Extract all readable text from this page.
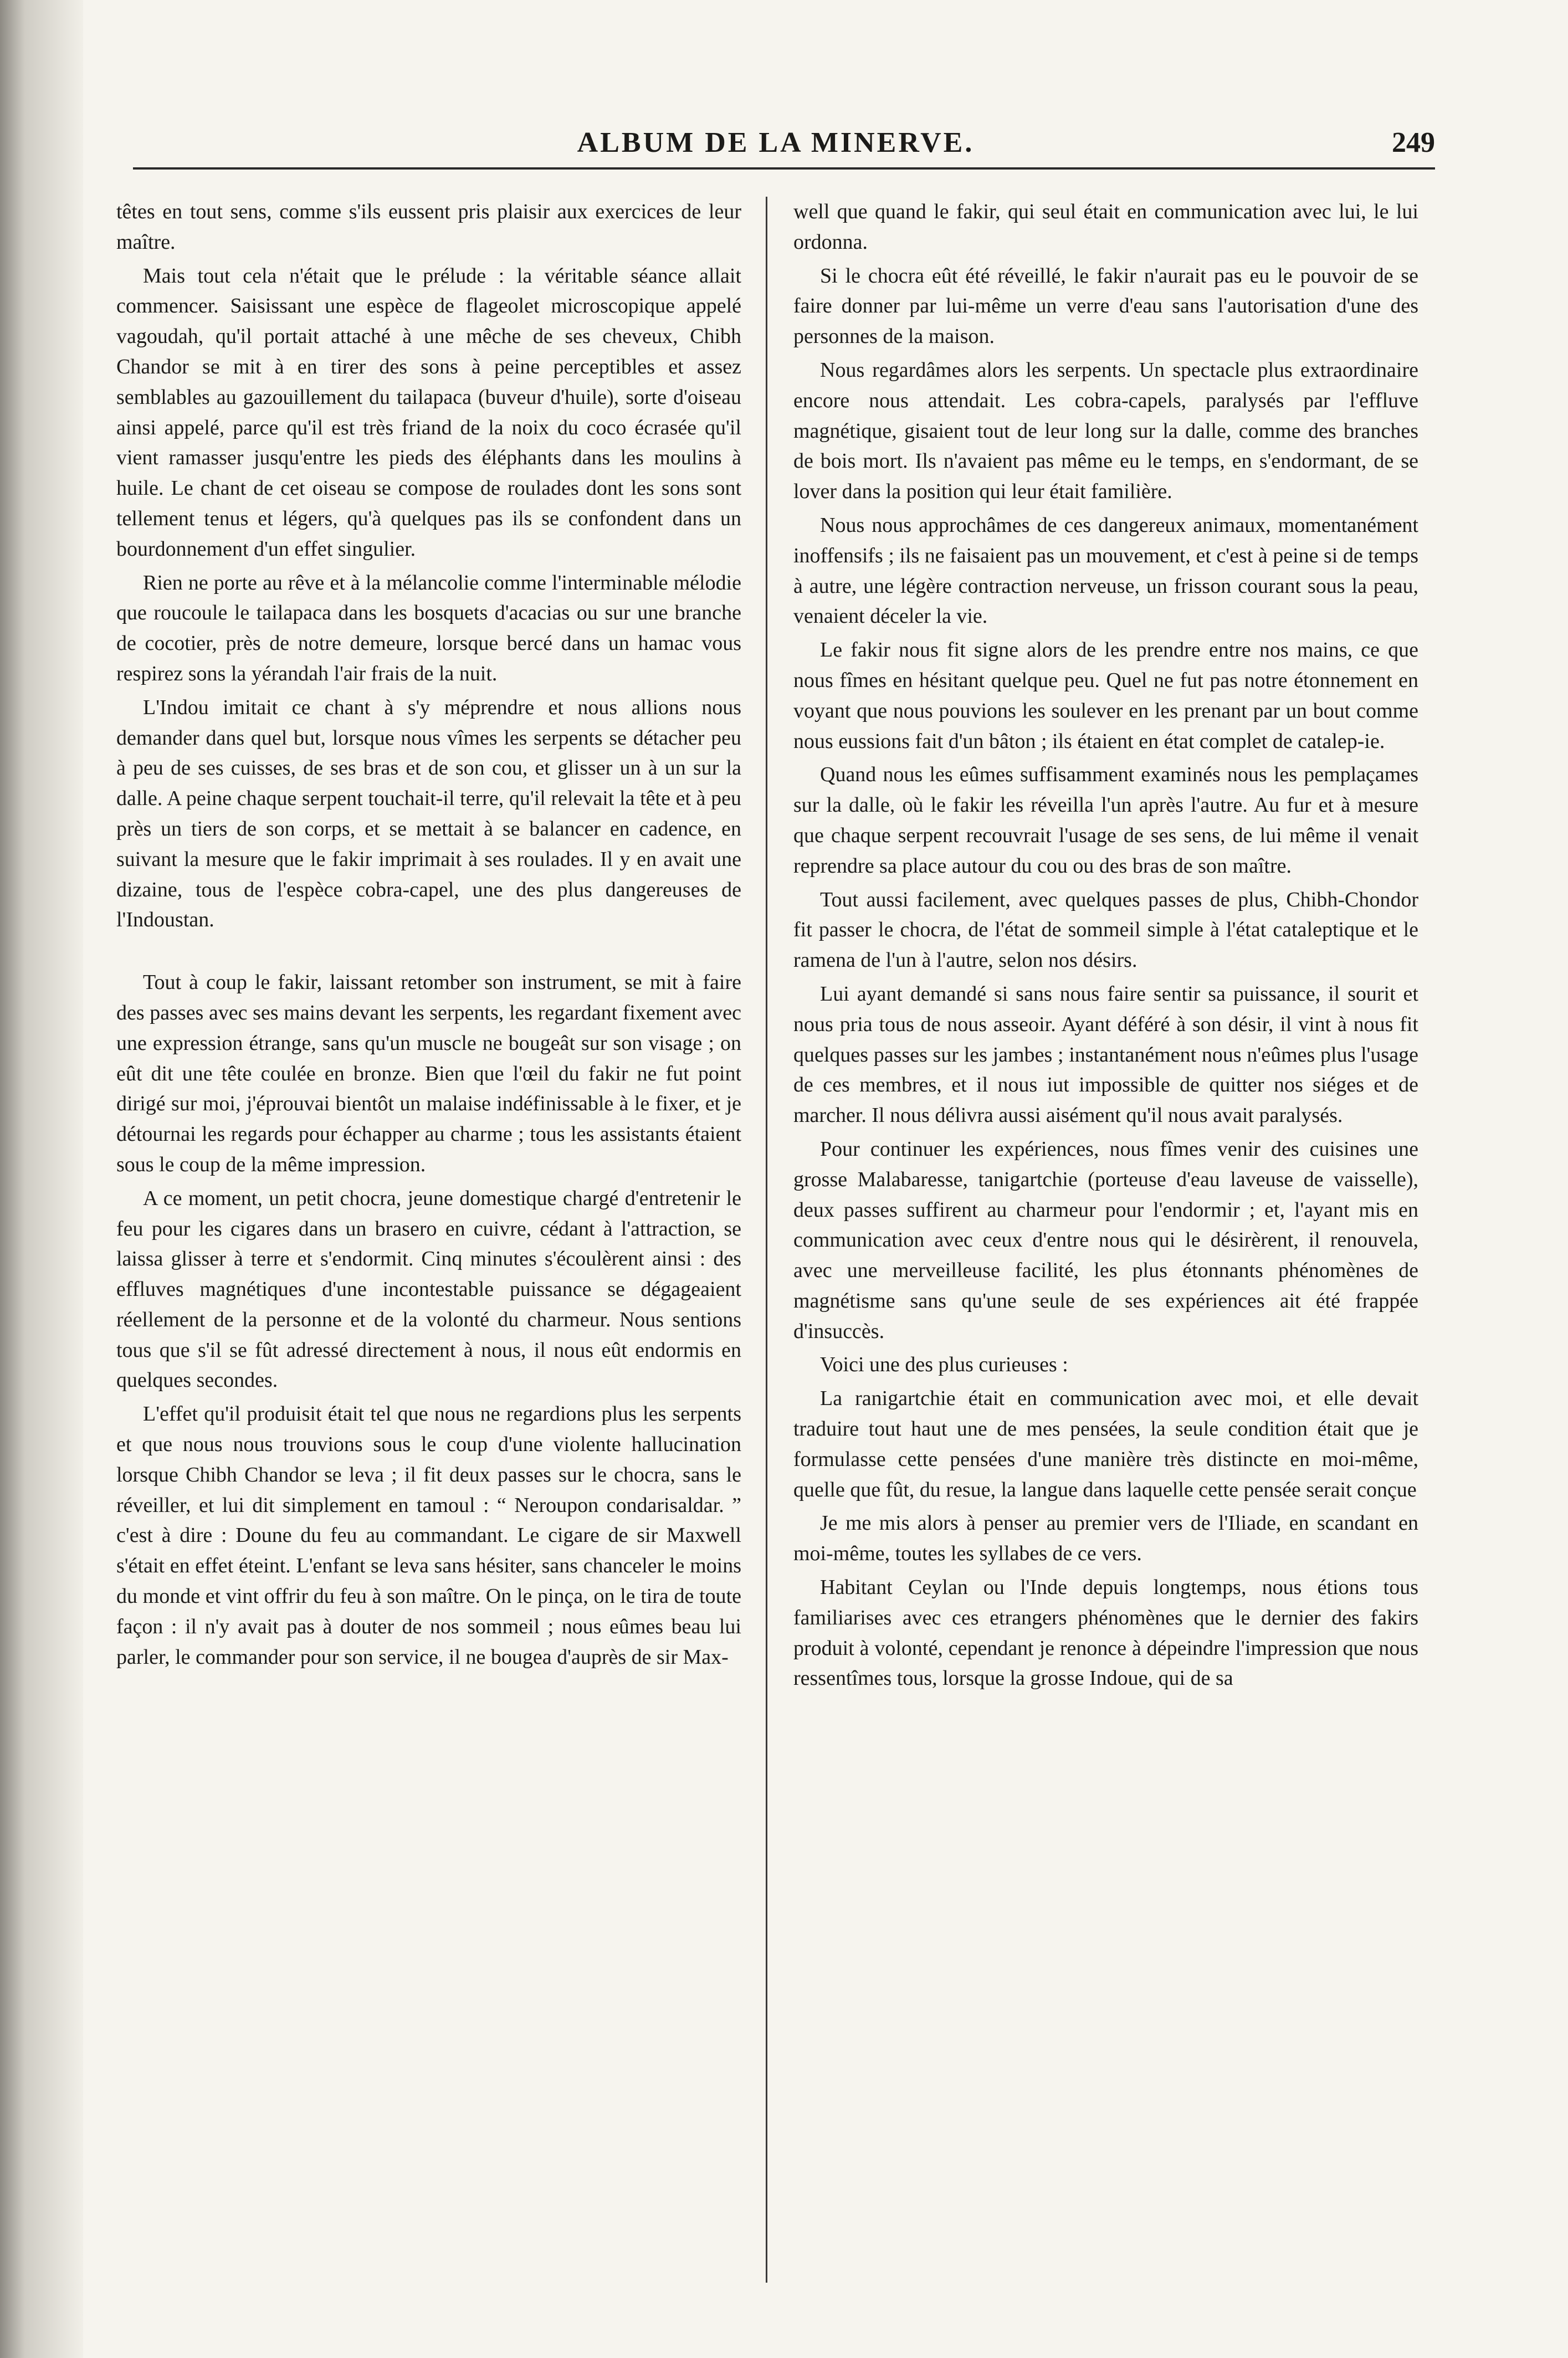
ALBUM DE LA MINERVE.	249

têtes en tout sens, comme s'ils eussent pris plaisir aux exercices de leur maître.

Mais tout cela n'était que le prélude : la véritable séance allait commencer. Saisissant une espèce de flageolet microscopique appelé vagoudah, qu'il portait attaché à une mêche de ses cheveux, Chibh Chandor se mit à en tirer des sons à peine perceptibles et assez semblables au gazouillement du tailapaca (buveur d'huile), sorte d'oiseau ainsi appelé, parce qu'il est très friand de la noix du coco écrasée qu'il vient ramasser jusqu'entre les pieds des éléphants dans les moulins à huile. Le chant de cet oiseau se compose de roulades dont les sons sont tellement tenus et légers, qu'à quelques pas ils se confondent dans un bourdonnement d'un effet singulier.

Rien ne porte au rêve et à la mélancolie comme l'interminable mélodie que roucoule le tailapaca dans les bosquets d'acacias ou sur une branche de cocotier, près de notre demeure, lorsque bercé dans un hamac vous respirez sons la yérandah l'air frais de la nuit.

L'Indou imitait ce chant à s'y méprendre et nous allions nous demander dans quel but, lorsque nous vîmes les serpents se détacher peu à peu de ses cuisses, de ses bras et de son cou, et glisser un à un sur la dalle. A peine chaque serpent touchait-il terre, qu'il relevait la tête et à peu près un tiers de son corps, et se mettait à se balancer en cadence, en suivant la mesure que le fakir imprimait à ses roulades. Il y en avait une dizaine, tous de l'espèce cobra-capel, une des plus dangereuses de l'Indoustan.

Tout à coup le fakir, laissant retomber son instrument, se mit à faire des passes avec ses mains devant les serpents, les regardant fixement avec une expression étrange, sans qu'un muscle ne bougeât sur son visage ; on eût dit une tête coulée en bronze. Bien que l'œil du fakir ne fut point dirigé sur moi, j'éprouvai bientôt un malaise indéfinissable à le fixer, et je détournai les regards pour échapper au charme ; tous les assistants étaient sous le coup de la même impression.

A ce moment, un petit chocra, jeune domestique chargé d'entretenir le feu pour les cigares dans un brasero en cuivre, cédant à l'attraction, se laissa glisser à terre et s'endormit. Cinq minutes s'écoulèrent ainsi : des effluves magnétiques d'une incontestable puissance se dégageaient réellement de la personne et de la volonté du charmeur. Nous sentions tous que s'il se fût adressé directement à nous, il nous eût endormis en quelques secondes.

L'effet qu'il produisit était tel que nous ne regardions plus les serpents et que nous nous trouvions sous le coup d'une violente hallucination lorsque Chibh Chandor se leva ; il fit deux passes sur le chocra, sans le réveiller, et lui dit simplement en tamoul : “ Neroupon condarisaldar. ” c'est à dire : Doune du feu au commandant. Le cigare de sir Maxwell s'était en effet éteint. L'enfant se leva sans hésiter, sans chanceler le moins du monde et vint offrir du feu à son maître. On le pinça, on le tira de toute façon : il n'y avait pas à douter de nos sommeil ; nous eûmes beau lui parler, le commander pour son service, il ne bougea d'auprès de sir Max-

well que quand le fakir, qui seul était en communication avec lui, le lui ordonna.

Si le chocra eût été réveillé, le fakir n'aurait pas eu le pouvoir de se faire donner par lui-même un verre d'eau sans l'autorisation d'une des personnes de la maison.

Nous regardâmes alors les serpents. Un spectacle plus extraordinaire encore nous attendait. Les cobra-capels, paralysés par l'effluve magnétique, gisaient tout de leur long sur la dalle, comme des branches de bois mort. Ils n'avaient pas même eu le temps, en s'endormant, de se lover dans la position qui leur était familière.

Nous nous approchâmes de ces dangereux animaux, momentanément inoffensifs ; ils ne faisaient pas un mouvement, et c'est à peine si de temps à autre, une légère contraction nerveuse, un frisson courant sous la peau, venaient déceler la vie.

Le fakir nous fit signe alors de les prendre entre nos mains, ce que nous fîmes en hésitant quelque peu. Quel ne fut pas notre étonnement en voyant que nous pouvions les soulever en les prenant par un bout comme nous eussions fait d'un bâton ; ils étaient en état complet de catalep-ie.

Quand nous les eûmes suffisamment examinés nous les pemplaçames sur la dalle, où le fakir les réveilla l'un après l'autre. Au fur et à mesure que chaque serpent recouvrait l'usage de ses sens, de lui même il venait reprendre sa place autour du cou ou des bras de son maître.

Tout aussi facilement, avec quelques passes de plus, Chibh-Chondor fit passer le chocra, de l'état de sommeil simple à l'état cataleptique et le ramena de l'un à l'autre, selon nos désirs.

Lui ayant demandé si sans nous faire sentir sa puissance, il sourit et nous pria tous de nous asseoir. Ayant déféré à son désir, il vint à nous fit quelques passes sur les jambes ; instantanément nous n'eûmes plus l'usage de ces membres, et il nous iut impossible de quitter nos siéges et de marcher. Il nous délivra aussi aisément qu'il nous avait paralysés.

Pour continuer les expériences, nous fîmes venir des cuisines une grosse Malabaresse, tanigartchie (porteuse d'eau laveuse de vaisselle), deux passes suffirent au charmeur pour l'endormir ; et, l'ayant mis en communication avec ceux d'entre nous qui le désirèrent, il renouvela, avec une merveilleuse facilité, les plus étonnants phénomènes de magnétisme sans qu'une seule de ses expériences ait été frappée d'insuccès.

Voici une des plus curieuses :

La ranigartchie était en communication avec moi, et elle devait traduire tout haut une de mes pensées, la seule condition était que je formulasse cette pensées d'une manière très distincte en moi-même, quelle que fût, du resue, la langue dans laquelle cette pensée serait conçue

Je me mis alors à penser au premier vers de l'Iliade, en scandant en moi-même, toutes les syllabes de ce vers.

Habitant Ceylan ou l'Inde depuis longtemps, nous étions tous familiarises avec ces etrangers phénomènes que le dernier des fakirs produit à volonté, cependant je renonce à dépeindre l'impression que nous ressentîmes tous, lorsque la grosse Indoue, qui de sa
